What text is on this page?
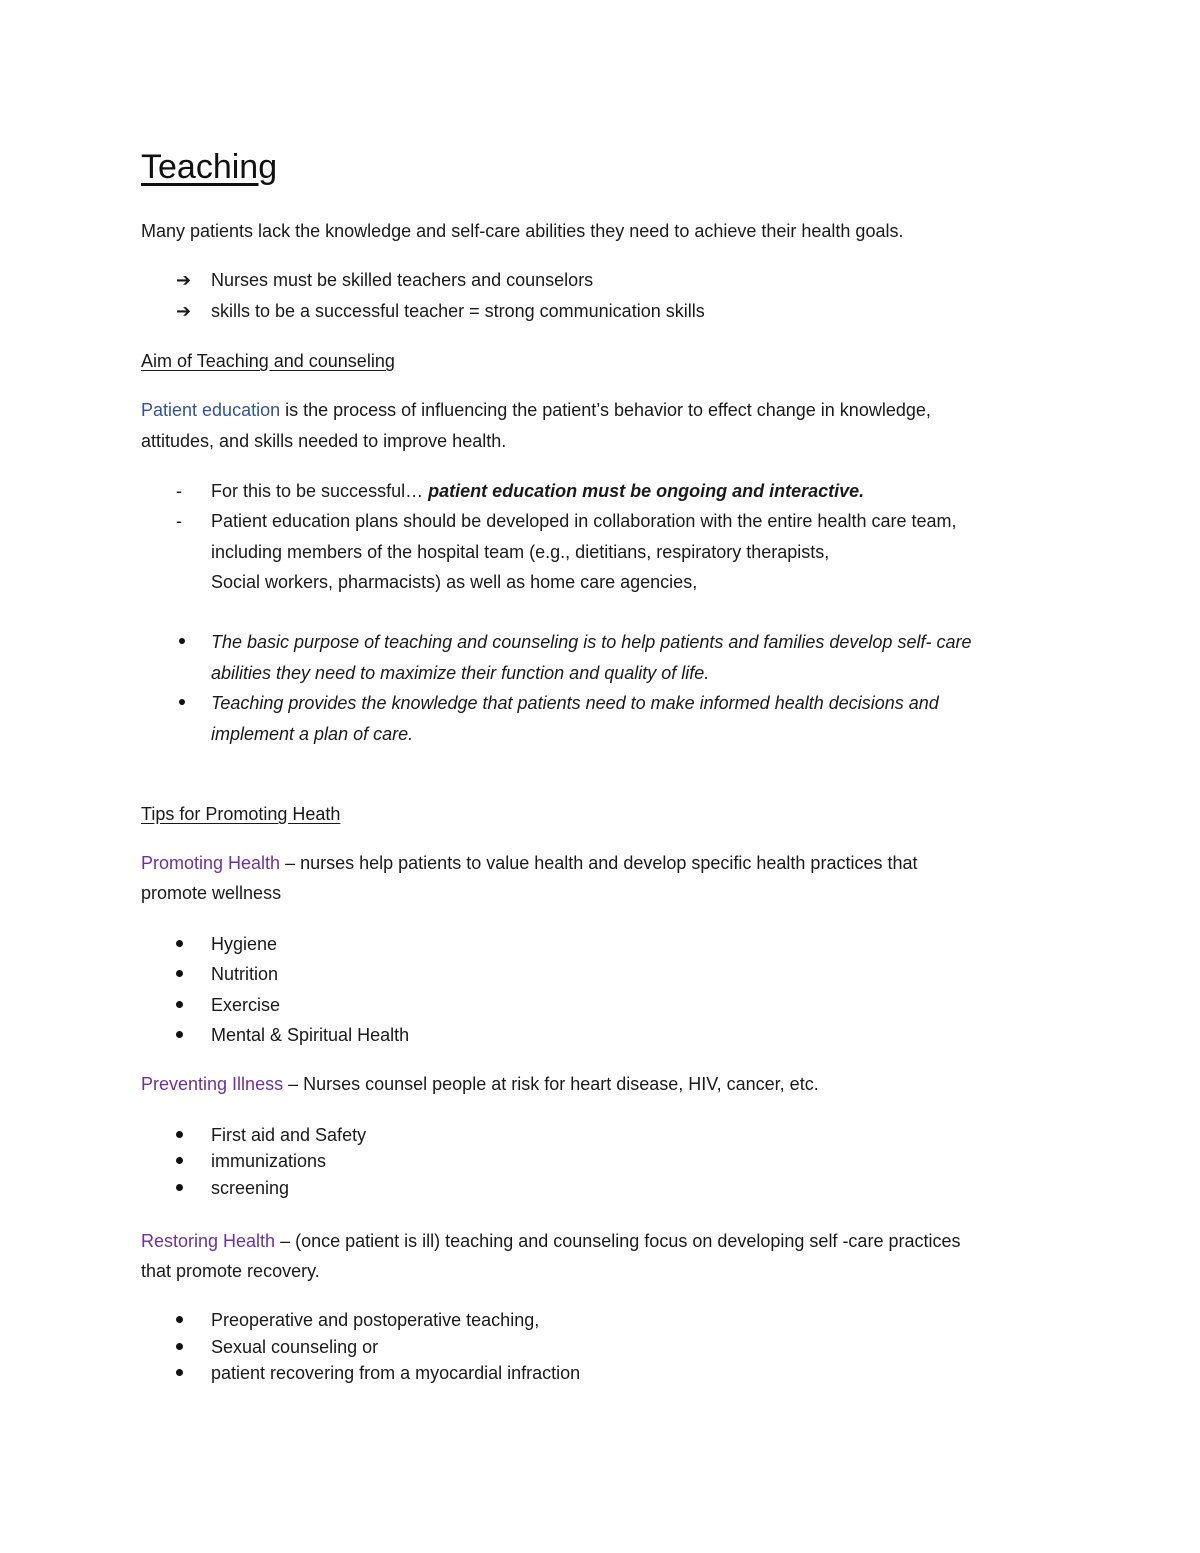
Teaching
Many patients lack the knowledge and self-care abilities they need to achieve their health goals.
➔ Nurses must be skilled teachers and counselors
➔ skills to be a successful teacher = strong communication skills
Aim of Teaching and counseling
Patient education is the process of influencing the patient’s behavior to effect change in knowledge,
attitudes, and skills needed to improve health.
- For this to be successful… patient education must be ongoing and interactive.
- Patient education plans should be developed in collaboration with the entire health care team,
including members of the hospital team (e.g., dietitians, respiratory therapists,
Social workers, pharmacists) as well as home care agencies,
The basic purpose of teaching and counseling is to help patients and families develop self- care
abilities they need to maximize their function and quality of life.
Teaching provides the knowledge that patients need to make informed health decisions and
implement a plan of care.
Tips for Promoting Heath
Promoting Health – nurses help patients to value health and develop specific health practices that
promote wellness
Hygiene
Nutrition
Exercise
Mental & Spiritual Health
Preventing Illness – Nurses counsel people at risk for heart disease, HIV, cancer, etc.
First aid and Safety
immunizations
screening
Restoring Health – (once patient is ill) teaching and counseling focus on developing self -care practices
that promote recovery.
Preoperative and postoperative teaching,
Sexual counseling or
patient recovering from a myocardial infraction
